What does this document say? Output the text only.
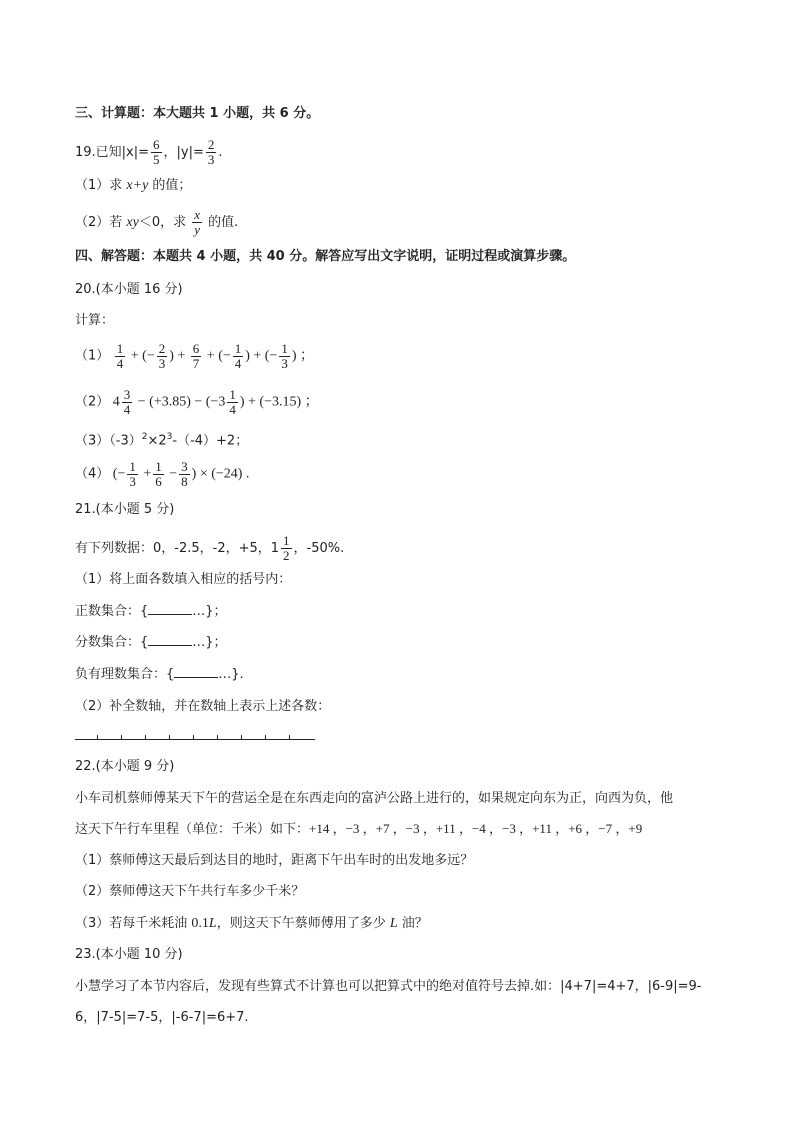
三、计算题：本大题共 1 小题，共 6 分。
19.已知$|x|= \frac{6}{5}$ ，$|y|= \frac{2}{3}$ .
（1）求 x+y 的值；
（2）若 xy＜0，求 $\frac{x}{y}$ 的值.
四、解答题：本题共 4 小题，共 40 分。解答应写出文字说明，证明过程或演算步骤。
20.(本小题 16 分)
计算：
$(1) \frac{1}{4}$ + (− $\frac{2}{3}$ ) + $\frac{6}{7}$ + (− $\frac{1}{4}$ ) + (− $\frac{1}{3}$ ) ；
（2） $4 \frac{3}{4} - (+3.85) - (-3 \frac{1}{4}$ ) + (−3.15) ；
$(3)(-3)^2\times 2^3-(-4)+2$；
（4） (− $\frac{1}{3} + \frac{1}{6} - \frac{3}{8}$ ) × (−24) .
21.(本小题 5 分)
有下列数据：0，-2.5，-2，+5，$1 \frac{1}{2}$ ，-50%.
（1）将上面各数填入相应的括号内：
正数集合：{	…}；
分数集合：{	…}；
负有理数集合：{	…}.
（2）补全数轴，并在数轴上表示上述各数：
22.(本小题 9 分)
小车司机蔡师傅某天下午的营运全是在东西走向的富泸公路上进行的，如果规定向东为正，向西为负，他
这天下午行车里程（单位：千米）如下：+14 ，−3 ，+7 ，−3 ，+11 ，−4 ，−3 ，+11 ，+6 ，−7 ，+9
（1）蔡师傅这天最后到达目的地时，距离下午出车时的出发地多远？
（2）蔡师傅这天下午共行车多少千米？
（3）若每千米耗油 0.1L，则这天下午蔡师傅用了多少 L 油？
23.(本小题 10 分)
小慧学习了本节内容后，发现有些算式不计算也可以把算式中的绝对值符号去掉.如：|4+7|=4+7，|6-9|=9-
6，|7-5|=7-5，|-6-7|=6+7.
